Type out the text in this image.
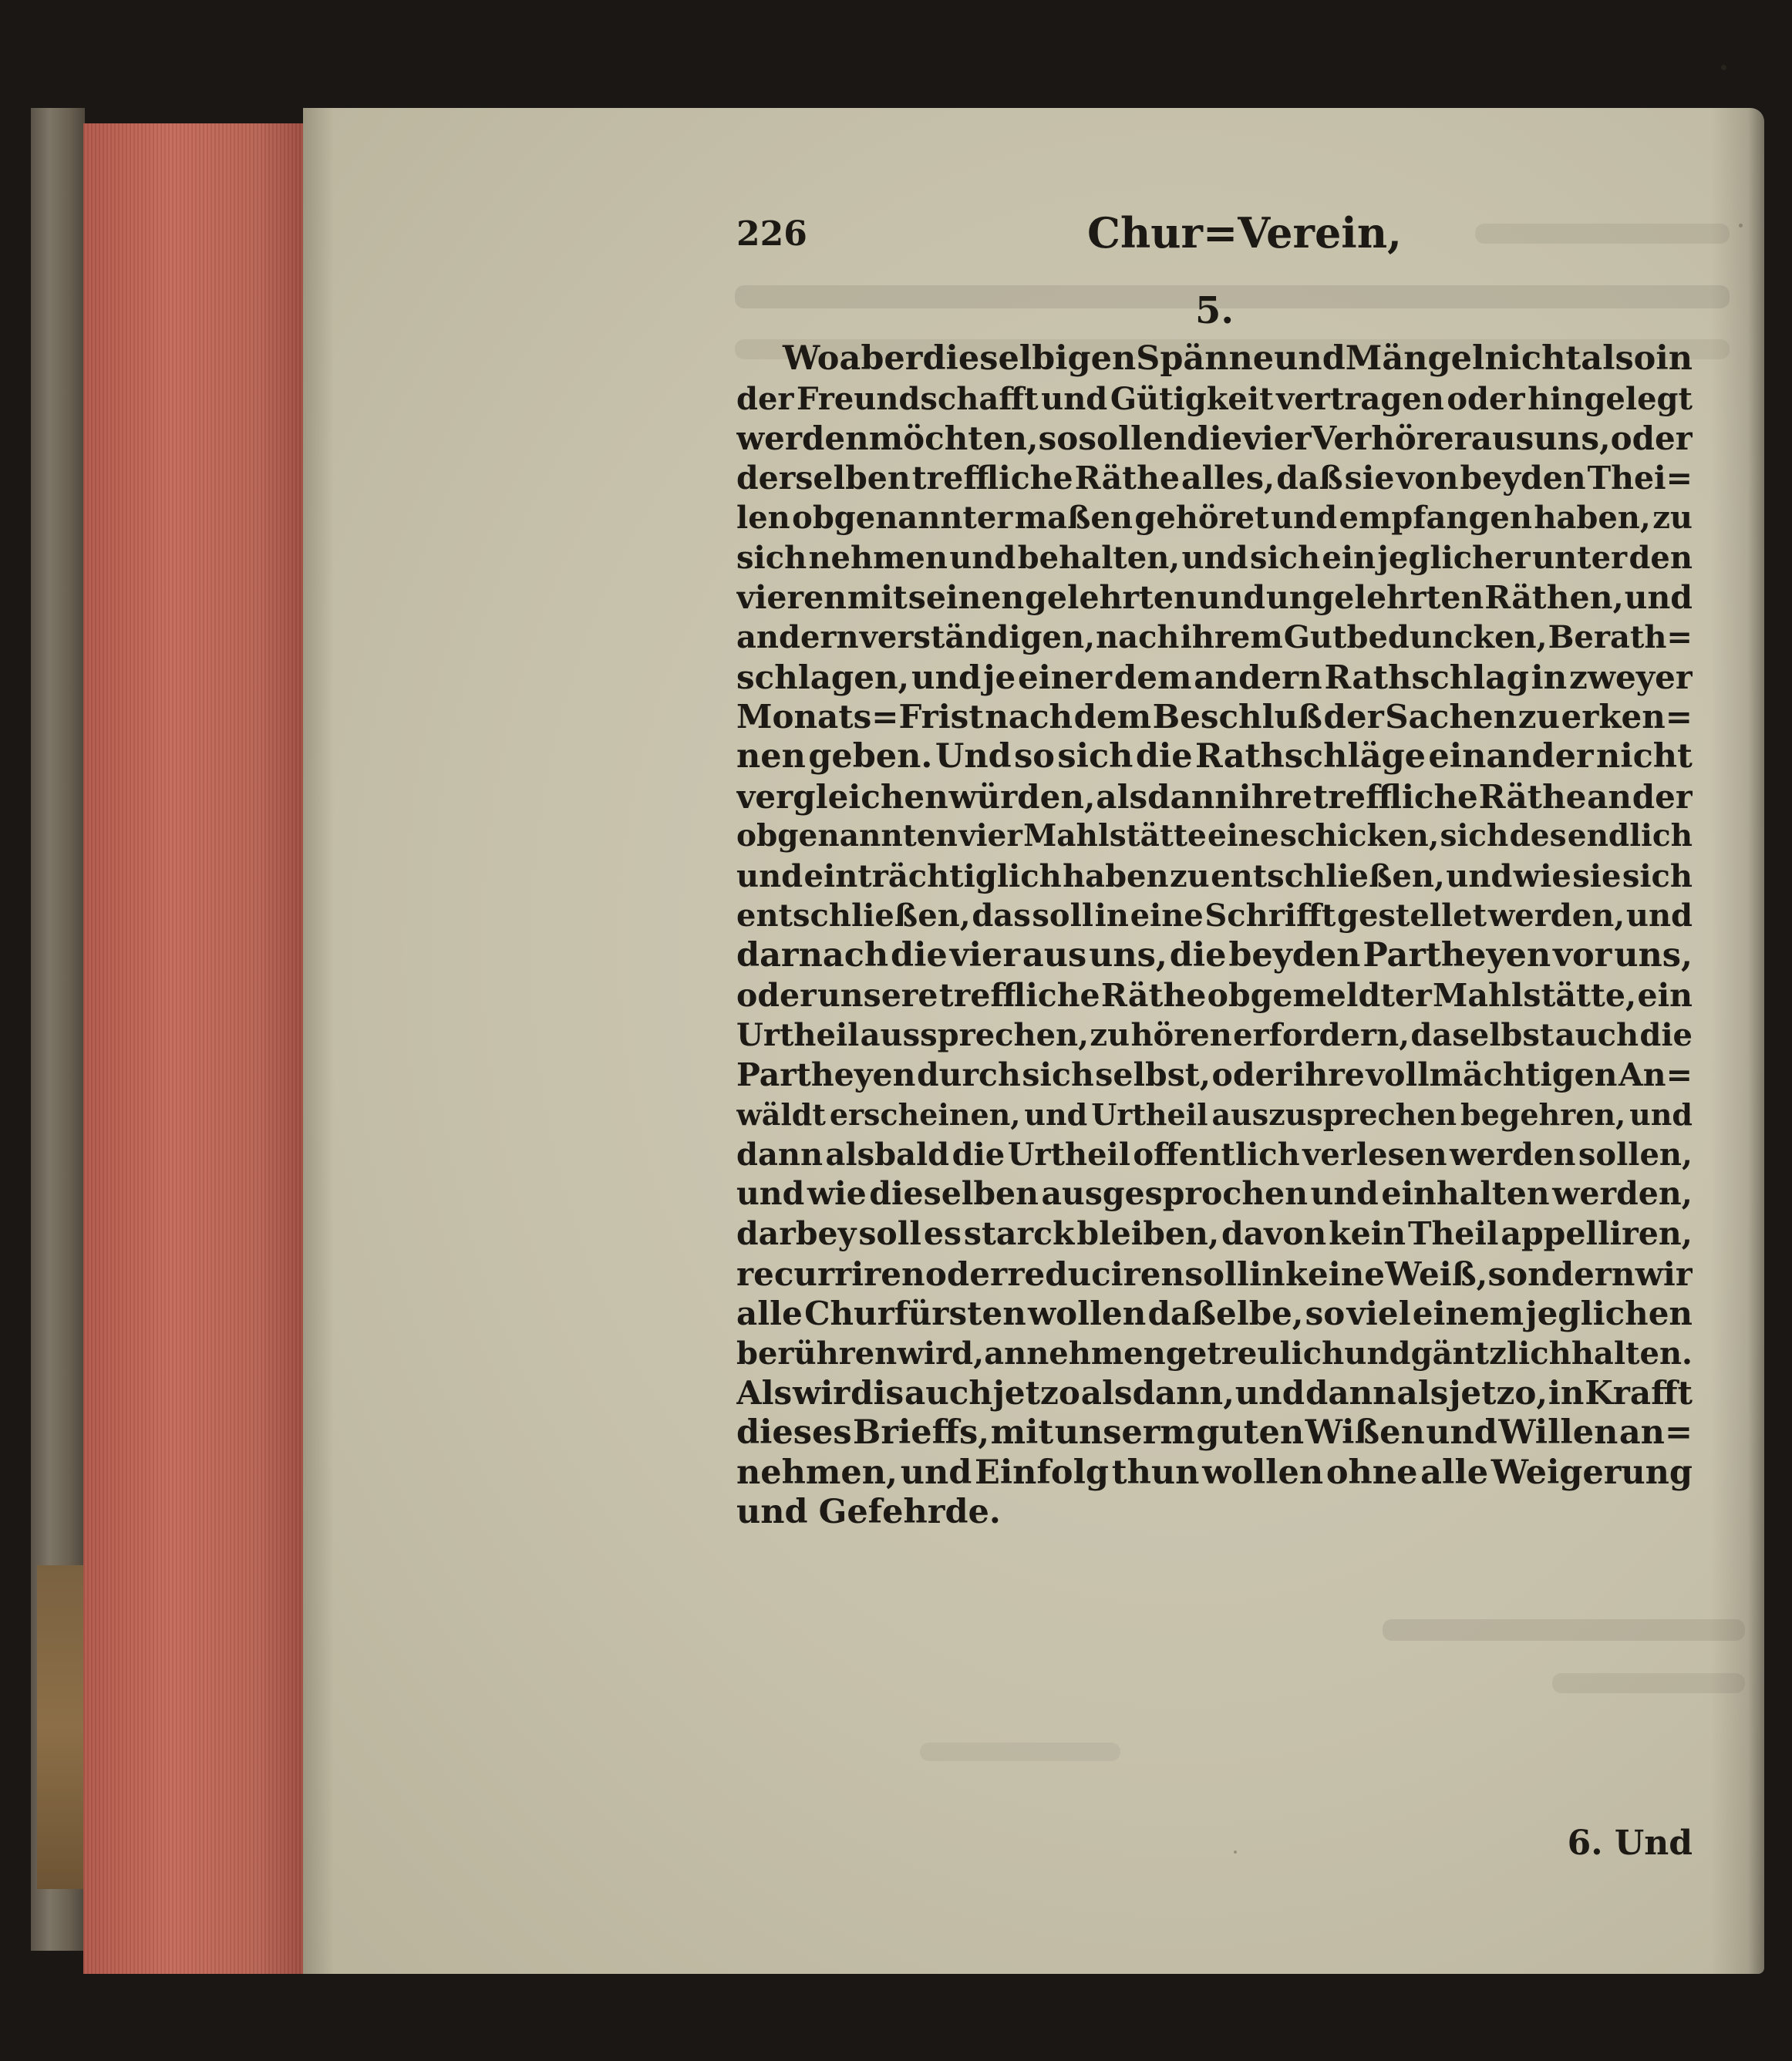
226	Chur=Verein,
5.
Wo aber dieselbigen Spänne und Mängel nicht also in
der Freundschafft und Gütigkeit vertragen oder hingelegt
werden möchten, so sollen die vier Verhörer aus uns, oder
derselben treffliche Räthe alles, daß sie von beyden Thei=
len obgenannter maßen gehöret und empfangen haben, zu
sich nehmen und behalten, und sich ein jeglicher unter den
vieren mit seinen gelehrten und ungelehrten Räthen, und
andern verständigen, nach ihrem Gutbeduncken, Berath=
schlagen, und je einer dem andern Rathschlag in zweyer
Monats=Frist nach dem Beschluß der Sachen zu erken=
nen geben. Und so sich die Rathschläge einander nicht
vergleichen würden, alsdann ihre treffliche Räthe an der
obgenannten vier Mahlstätte eine schicken, sich des endlich
und einträchtiglich haben zu entschließen, und wie sie sich
entschließen, das soll in eine Schrifft gestellet werden, und
darnach die vier aus uns, die beyden Partheyen vor uns,
oder unsere treffliche Räthe obgemeldter Mahlstätte, ein
Urtheil aussprechen, zu hören erfordern, daselbst auch die
Partheyen durch sich selbst, oder ihre vollmächtigen An=
wäldt erscheinen, und Urtheil auszusprechen begehren, und
dann alsbald die Urtheil offentlich verlesen werden sollen,
und wie dieselben ausgesprochen und einhalten werden,
darbey soll es starck bleiben, davon kein Theil appelliren,
recurriren oder reduciren soll in keine Weiß, sondern wir
alle Churfürsten wollen daßelbe, so viel einem jeglichen
berühren wird, annehmen getreulich und gäntzlich halten.
Als wir dis auch jetzo alsdann, und dann als jetzo, in Krafft
dieses Brieffs, mit unserm guten Wißen und Willen an=
nehmen, und Einfolg thun wollen ohne alle Weigerung
und Gefehrde.
6. Und
